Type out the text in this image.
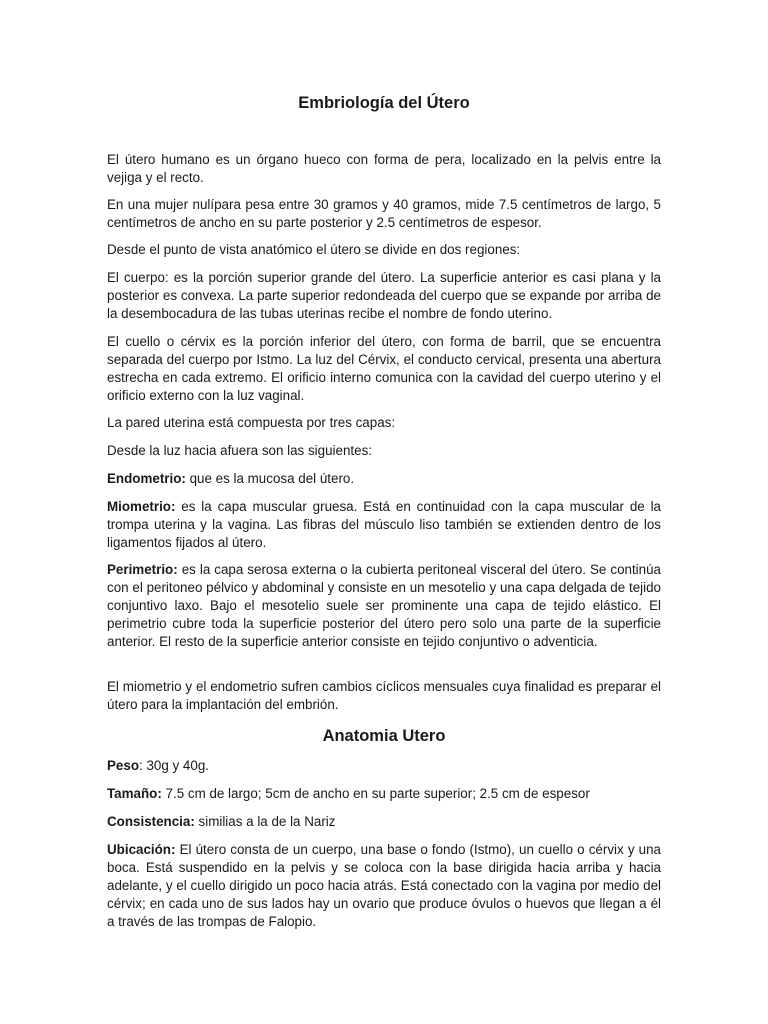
Embriología del Útero

El útero humano es un órgano hueco con forma de pera, localizado en la pelvis entre la vejiga y el recto.

En una mujer nulípara pesa entre 30 gramos y 40 gramos, mide 7.5 centímetros de largo, 5 centímetros de ancho en su parte posterior y 2.5 centímetros de espesor.

Desde el punto de vista anatómico el útero se divide en dos regiones:

El cuerpo: es la porción superior grande del útero. La superficie anterior es casi plana y la posterior es convexa. La parte superior redondeada del cuerpo que se expande por arriba de la desembocadura de las tubas uterinas recibe el nombre de fondo uterino.

El cuello o cérvix es la porción inferior del útero, con forma de barril, que se encuentra separada del cuerpo por Istmo. La luz del Cérvix, el conducto cervical, presenta una abertura estrecha en cada extremo. El orificio interno comunica con la cavidad del cuerpo uterino y el orificio externo con la luz vaginal.

La pared uterina está compuesta por tres capas:

Desde la luz hacia afuera son las siguientes:

Endometrio: que es la mucosa del útero.

Miometrio: es la capa muscular gruesa. Está en continuidad con la capa muscular de la trompa uterina y la vagina. Las fibras del músculo liso también se extienden dentro de los ligamentos fijados al útero.

Perimetrio: es la capa serosa externa o la cubierta peritoneal visceral del útero. Se continúa con el peritoneo pélvico y abdominal y consiste en un mesotelio y una capa delgada de tejido conjuntivo laxo. Bajo el mesotelio suele ser prominente una capa de tejido elástico. El perimetrio cubre toda la superficie posterior del útero pero solo una parte de la superficie anterior. El resto de la superficie anterior consiste en tejido conjuntivo o adventicia.

El miometrio y el endometrio sufren cambios cíclicos mensuales cuya finalidad es preparar el útero para la implantación del embrión.

Anatomia Utero

Peso: 30g y 40g.

Tamaño: 7.5 cm de largo; 5cm de ancho en su parte superior; 2.5 cm de espesor

Consistencia: similias a la de la Nariz

Ubicación: El útero consta de un cuerpo, una base o fondo (Istmo), un cuello o cérvix y una boca. Está suspendido en la pelvis y se coloca con la base dirigida hacia arriba y hacia adelante, y el cuello dirigido un poco hacia atrás. Está conectado con la vagina por medio del cérvix; en cada uno de sus lados hay un ovario que produce óvulos o huevos que llegan a él a través de las trompas de Falopio.
